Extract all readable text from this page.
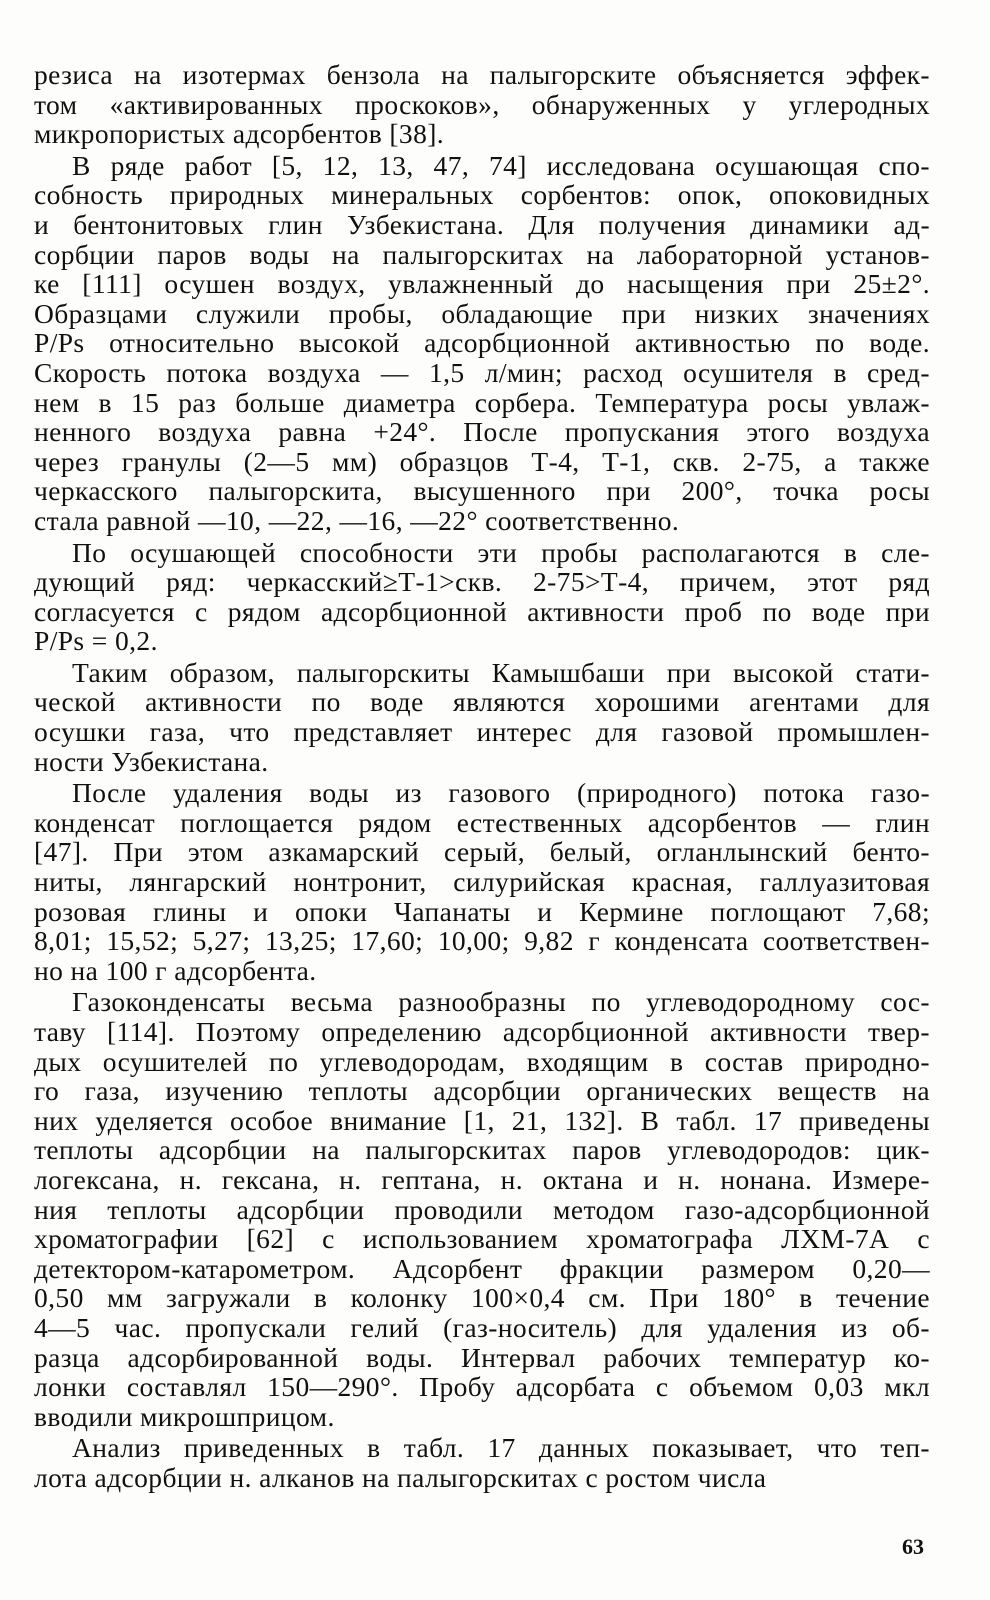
резиса на изотермах бензола на палыгорските объясняется эффек-
том «активированных проскоков», обнаруженных у углеродных
микропористых адсорбентов [38].
В ряде работ [5, 12, 13, 47, 74] исследована осушающая спо-
собность природных минеральных сорбентов: опок, опоковидных
и бентонитовых глин Узбекистана. Для получения динамики ад-
сорбции паров воды на палыгорскитах на лабораторной установ-
ке [111] осушен воздух, увлажненный до насыщения при 25±2°.
Образцами служили пробы, обладающие при низких значениях
P/Ps относительно высокой адсорбционной активностью по воде.
Скорость потока воздуха — 1,5 л/мин; расход осушителя в сред-
нем в 15 раз больше диаметра сорбера. Температура росы увлаж-
ненного воздуха равна +24°. После пропускания этого воздуха
через гранулы (2—5 мм) образцов Т-4, Т-1, скв. 2-75, а также
черкасского палыгорскита, высушенного при 200°, точка росы
стала равной —10, —22, —16, —22° соответственно.
По осушающей способности эти пробы располагаются в сле-
дующий ряд: черкасский≥Т-1>скв. 2-75>Т-4, причем, этот ряд
согласуется с рядом адсорбционной активности проб по воде при
P/Ps = 0,2.
Таким образом, палыгорскиты Камышбаши при высокой стати-
ческой активности по воде являются хорошими агентами для
осушки газа, что представляет интерес для газовой промышлен-
ности Узбекистана.
После удаления воды из газового (природного) потока газо-
конденсат поглощается рядом естественных адсорбентов — глин
[47]. При этом азкамарский серый, белый, огланлынский бенто-
ниты, лянгарский нонтронит, силурийская красная, галлуазитовая
розовая глины и опоки Чапанаты и Кермине поглощают 7,68;
8,01; 15,52; 5,27; 13,25; 17,60; 10,00; 9,82 г конденсата соответствен-
но на 100 г адсорбента.
Газоконденсаты весьма разнообразны по углеводородному сос-
таву [114]. Поэтому определению адсорбционной активности твер-
дых осушителей по углеводородам, входящим в состав природно-
го газа, изучению теплоты адсорбции органических веществ на
них уделяется особое внимание [1, 21, 132]. В табл. 17 приведены
теплоты адсорбции на палыгорскитах паров углеводородов: цик-
логексана, н. гексана, н. гептана, н. октана и н. нонана. Измере-
ния теплоты адсорбции проводили методом газо-адсорбционной
хроматографии [62] с использованием хроматографа ЛХМ-7А с
детектором-катарометром. Адсорбент фракции размером 0,20—
0,50 мм загружали в колонку 100×0,4 см. При 180° в течение
4—5 час. пропускали гелий (газ-носитель) для удаления из об-
разца адсорбированной воды. Интервал рабочих температур ко-
лонки составлял 150—290°. Пробу адсорбата с объемом 0,03 мкл
вводили микрошприцом.
Анализ приведенных в табл. 17 данных показывает, что теп-
лота адсорбции н. алканов на палыгорскитах с ростом числа
63
